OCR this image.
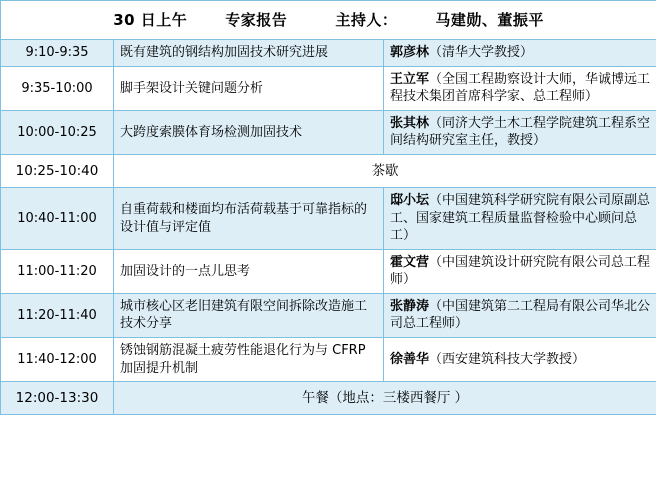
30 日上午 专家报告 主持人： 马建勋、董振平		

9:10-9:35	既有建筑的钢结构加固技术研究进展	郭彦林（清华大学教授）
9:35-10:00	脚手架设计关键问题分析	王立军（全国工程勘察设计大师，华诚博远工程技术集团首席科学家、总工程师）
10:00-10:25	大跨度索膜体育场检测加固技术	张其林（同济大学土木工程学院建筑工程系空间结构研究室主任，教授）
10:25-10:40	茶歇	
10:40-11:00	自重荷载和楼面均布活荷载基于可靠指标的设计值与评定值	邸小坛（中国建筑科学研究院有限公司原副总工、国家建筑工程质量监督检验中心顾问总工）
11:00-11:20	加固设计的一点儿思考	霍文营（中国建筑设计研究院有限公司总工程师）
11:20-11:40	城市核心区老旧建筑有限空间拆除改造施工技术分享	张静涛（中国建筑第二工程局有限公司华北公司总工程师）
11:40-12:00	锈蚀钢筋混凝土疲劳性能退化行为与 CFRP 加固提升机制	徐善华（西安建筑科技大学教授）
12:00-13:30	午餐（地点：三楼西餐厅 ）	
